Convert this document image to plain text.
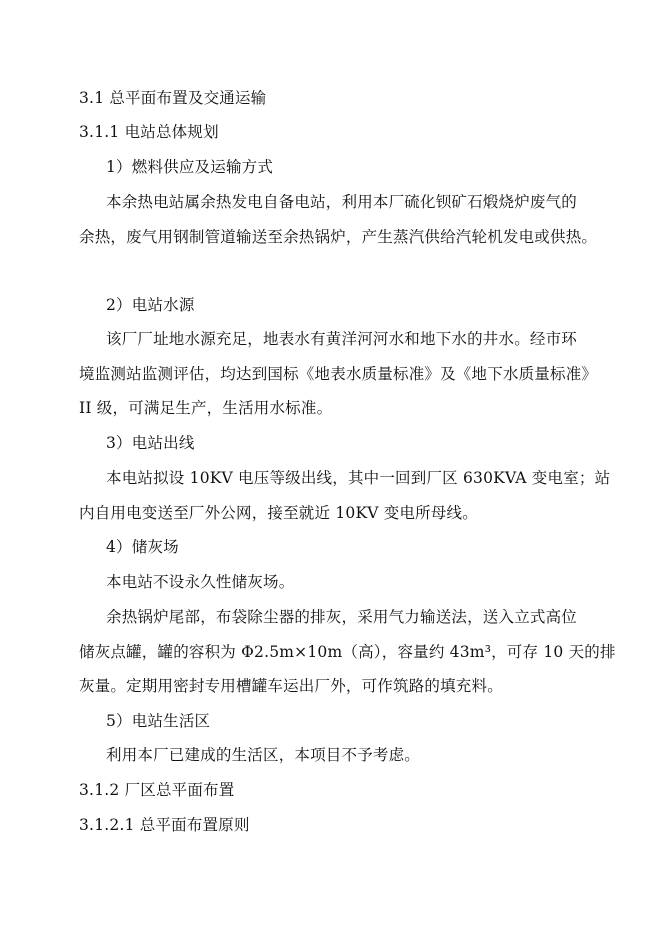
3.1 总平面布置及交通运输
3.1.1 电站总体规划
1）燃料供应及运输方式
本余热电站属余热发电自备电站，利用本厂硫化钡矿石煅烧炉废气的
余热，废气用钢制管道输送至余热锅炉，产生蒸汽供给汽轮机发电或供热。
2）电站水源
该厂厂址地水源充足，地表水有黄洋河河水和地下水的井水。经市环
境监测站监测评估，均达到国标《地表水质量标准》及《地下水质量标准》
II 级，可满足生产，生活用水标准。
3）电站出线
本电站拟设 10KV 电压等级出线，其中一回到厂区 630KVA 变电室；站
内自用电变送至厂外公网，接至就近 10KV 变电所母线。
4）储灰场
本电站不设永久性储灰场。
余热锅炉尾部，布袋除尘器的排灰，采用气力输送法，送入立式高位
储灰点罐，罐的容积为 Φ2.5m×10m（高），容量约 43m³，可存 10 天的排
灰量。定期用密封专用槽罐车运出厂外，可作筑路的填充料。
5）电站生活区
利用本厂已建成的生活区，本项目不予考虑。
3.1.2 厂区总平面布置
3.1.2.1 总平面布置原则
